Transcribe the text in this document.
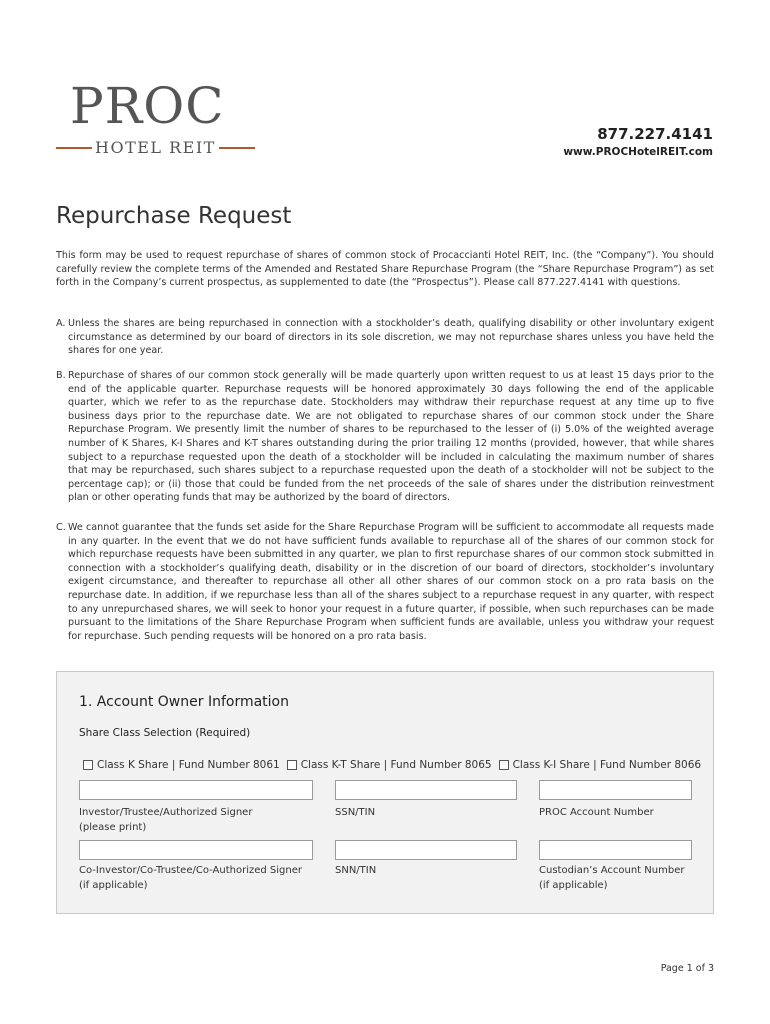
PROC
HOTEL REIT
877.227.4141
www.PROCHotelREIT.com
Repurchase Request

This form may be used to request repurchase of shares of common stock of Procaccianti Hotel REIT, Inc. (the “Company”). You should carefully review the complete terms of the Amended and Restated Share Repurchase Program (the “Share Repurchase Program”) as set forth in the Company’s current prospectus, as supplemented to date (the “Prospectus”). Please call 877.227.4141 with questions.

A. Unless the shares are being repurchased in connection with a stockholder’s death, qualifying disability or other involuntary exigent circumstance as determined by our board of directors in its sole discretion, we may not repurchase shares unless you have held the shares for one year.
B. Repurchase of shares of our common stock generally will be made quarterly upon written request to us at least 15 days prior to the end of the applicable quarter. Repurchase requests will be honored approximately 30 days following the end of the applicable quarter, which we refer to as the repurchase date. Stockholders may withdraw their repurchase request at any time up to five business days prior to the repurchase date. We are not obligated to repurchase shares of our common stock under the Share Repurchase Program. We presently limit the number of shares to be repurchased to the lesser of (i) 5.0% of the weighted average number of K Shares, K-I Shares and K-T shares outstanding during the prior trailing 12 months (provided, however, that while shares subject to a repurchase requested upon the death of a stockholder will be included in calculating the maximum number of shares that may be repurchased, such shares subject to a repurchase requested upon the death of a stockholder will not be subject to the percentage cap); or (ii) those that could be funded from the net proceeds of the sale of shares under the distribution reinvestment plan or other operating funds that may be authorized by the board of directors.
C. We cannot guarantee that the funds set aside for the Share Repurchase Program will be sufficient to accommodate all requests made in any quarter. In the event that we do not have sufficient funds available to repurchase all of the shares of our common stock for which repurchase requests have been submitted in any quarter, we plan to first repurchase shares of our common stock submitted in connection with a stockholder’s qualifying death, disability or in the discretion of our board of directors, stockholder’s involuntary exigent circumstance, and thereafter to repurchase all other all other shares of our common stock on a pro rata basis on the repurchase date. In addition, if we repurchase less than all of the shares subject to a repurchase request in any quarter, with respect to any unrepurchased shares, we will seek to honor your request in a future quarter, if possible, when such repurchases can be made pursuant to the limitations of the Share Repurchase Program when sufficient funds are available, unless you withdraw your request for repurchase. Such pending requests will be honored on a pro rata basis.
1. Account Owner Information
Share Class Selection (Required)
Class K Share | Fund Number 8061 Class K-T Share | Fund Number 8065 Class K-I Share | Fund Number 8066
Investor/Trustee/Authorized Signer
(please print)
SSN/TIN	PROC Account Number
Co-Investor/Co-Trustee/Co-Authorized Signer
(if applicable)
SNN/TIN	Custodian’s Account Number
(if applicable)
Page 1 of 3
